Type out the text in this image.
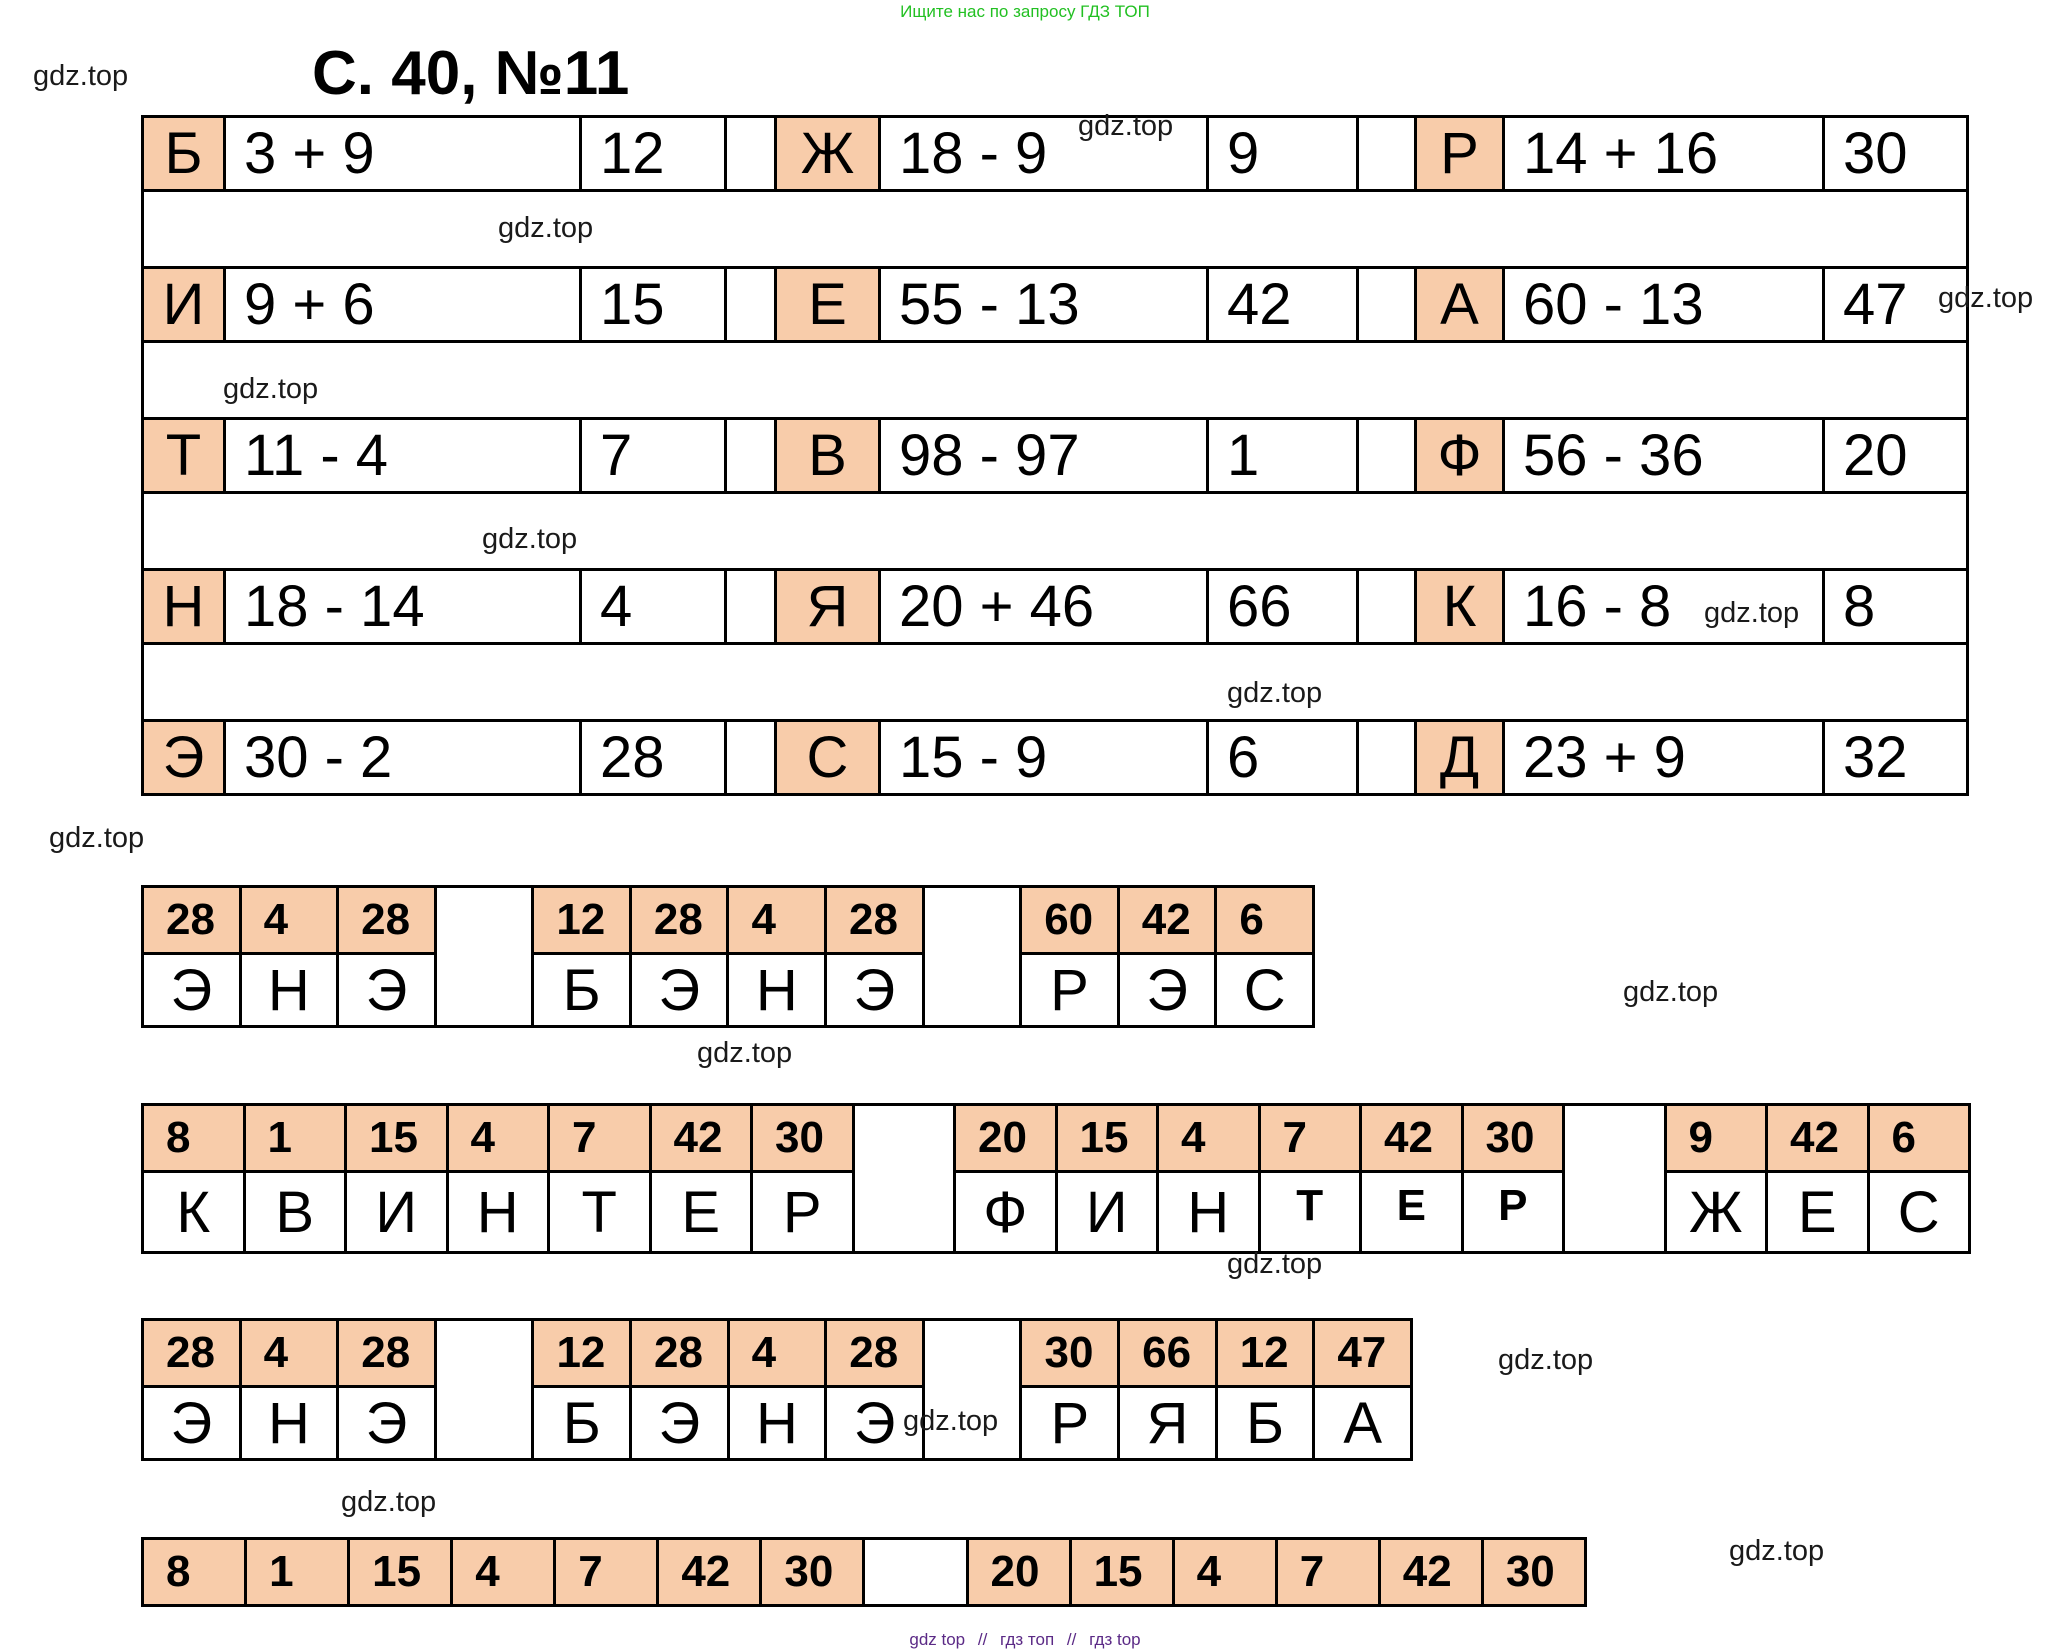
Ищите нас по запросу ГДЗ ТОП
С. 40, №11
Б	3 + 9	12		Ж	18 - 9	9		Р	14 + 16	30

И	9 + 6	15		Е	55 - 13	42		А	60 - 13	47

Т	11 - 4	7		В	98 - 97	1		Ф	56 - 36	20

Н	18 - 14	4		Я	20 + 46	66		К	16 - 8	8

Э	30 - 2	28		С	15 - 9	6		Д	23 + 9	32
28	4	28		12	28	4	28		60	42	6
Э	Н	Э		Б	Э	Н	Э		Р	Э	С
8	1	15	4	7	42	30		20	15	4	7	42	30		9	42	6
К	В	И	Н	Т	Е	Р		Ф	И	Н	Т	Е	Р		Ж	Е	С
28	4	28		12	28	4	28		30	66	12	47
Э	Н	Э		Б	Э	Н	Э		Р	Я	Б	А
8	1	15	4	7	42	30		20	15	4	7	42	30
gdz.top
gdz.top
gdz.top
gdz.top
gdz.top
gdz.top
gdz.top
gdz.top
gdz.top
gdz.top
gdz.top
gdz.top
gdz.top
gdz.top
gdz.top
gdz.top
gdz top // гдз топ // гдз top
